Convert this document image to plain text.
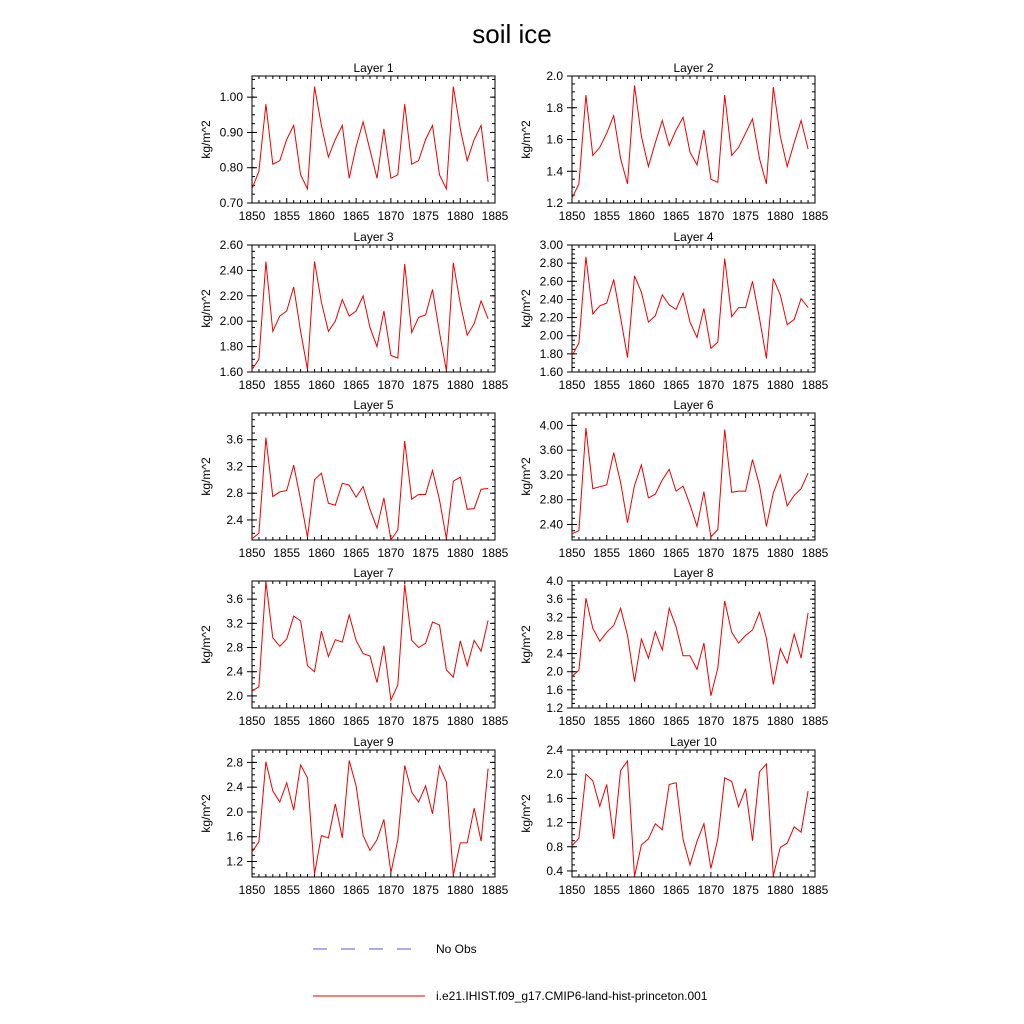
soil ice
Layer 1
kg/m^2
1850 1855 1860 1865 1870 1875 1880 1885
0.70
0.80
0.90
1.00
Layer 2
kg/m^2
1850 1855 1860 1865 1870 1875 1880 1885
1.2
1.4
1.6
1.8
2.0
Layer 3
kg/m^2
1850 1855 1860 1865 1870 1875 1880 1885
1.60
1.80
2.00
2.20
2.40
2.60
Layer 4
kg/m^2
1850 1855 1860 1865 1870 1875 1880 1885
1.60
1.80
2.00
2.20
2.40
2.60
2.80
3.00
Layer 5
kg/m^2
1850 1855 1860 1865 1870 1875 1880 1885
2.4
2.8
3.2
3.6
Layer 6
kg/m^2
1850 1855 1860 1865 1870 1875 1880 1885
2.40
2.80
3.20
3.60
4.00
Layer 7
kg/m^2
1850 1855 1860 1865 1870 1875 1880 1885
2.0
2.4
2.8
3.2
3.6
Layer 8
kg/m^2
1850 1855 1860 1865 1870 1875 1880 1885
1.2
1.6
2.0
2.4
2.8
3.2
3.6
4.0
Layer 9
kg/m^2
1850 1855 1860 1865 1870 1875 1880 1885
1.2
1.6
2.0
2.4
2.8
Layer 10
kg/m^2
1850 1855 1860 1865 1870 1875 1880 1885
0.4
0.8
1.2
1.6
2.0
2.4
No Obs
i.e21.IHIST.f09_g17.CMIP6-land-hist-princeton.001
